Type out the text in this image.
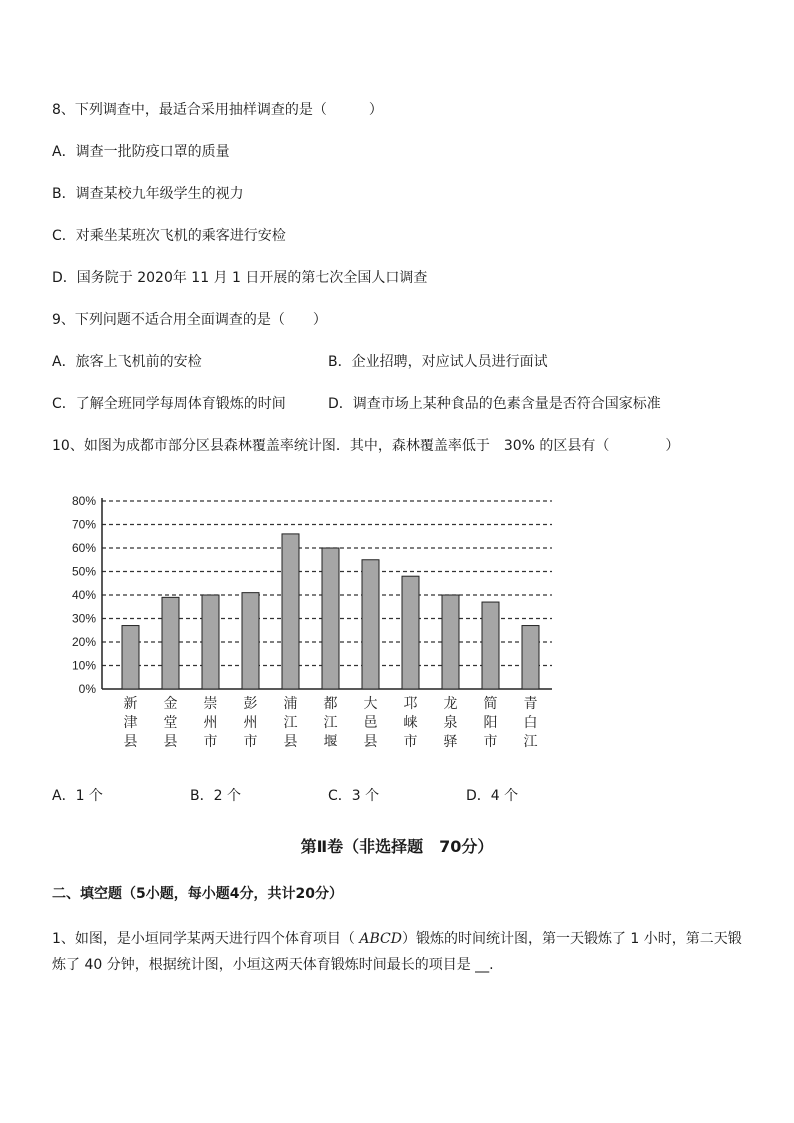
8、下列调查中，最适合采用抽样调查的是（　　　）
A．调查一批防疫口罩的质量
B．调查某校九年级学生的视力
C．对乘坐某班次飞机的乘客进行安检
D．国务院于 2020年 11 月 1 日开展的第七次全国人口调查
9、下列问题不适合用全面调查的是（　　）
A．旅客上飞机前的安检	B．企业招聘，对应试人员进行面试
C．了解全班同学每周体育锻炼的时间	D．调查市场上某种食品的色素含量是否符合国家标准
10、如图为成都市部分区县森林覆盖率统计图．其中，森林覆盖率低于　30% 的区县有（　　　　）
0%
10%
20%
30%
40%
50%
60%
70%
80%
新津县
金堂县
崇州市
彭州市
浦江县
都江堰
大邑县
邛崃市
龙泉驿
简阳市
青白江
A．1 个	B．2 个	C．3 个	D．4 个
第Ⅱ卷（非选择题　70分）
二、填空题（5小题，每小题4分，共计20分）
1、如图，是小垣同学某两天进行四个体育项目（ ABCD）锻炼的时间统计图，第一天锻炼了 1 小时，第二天锻炼了 40 分钟，根据统计图，小垣这两天体育锻炼时间最长的项目是 __.
